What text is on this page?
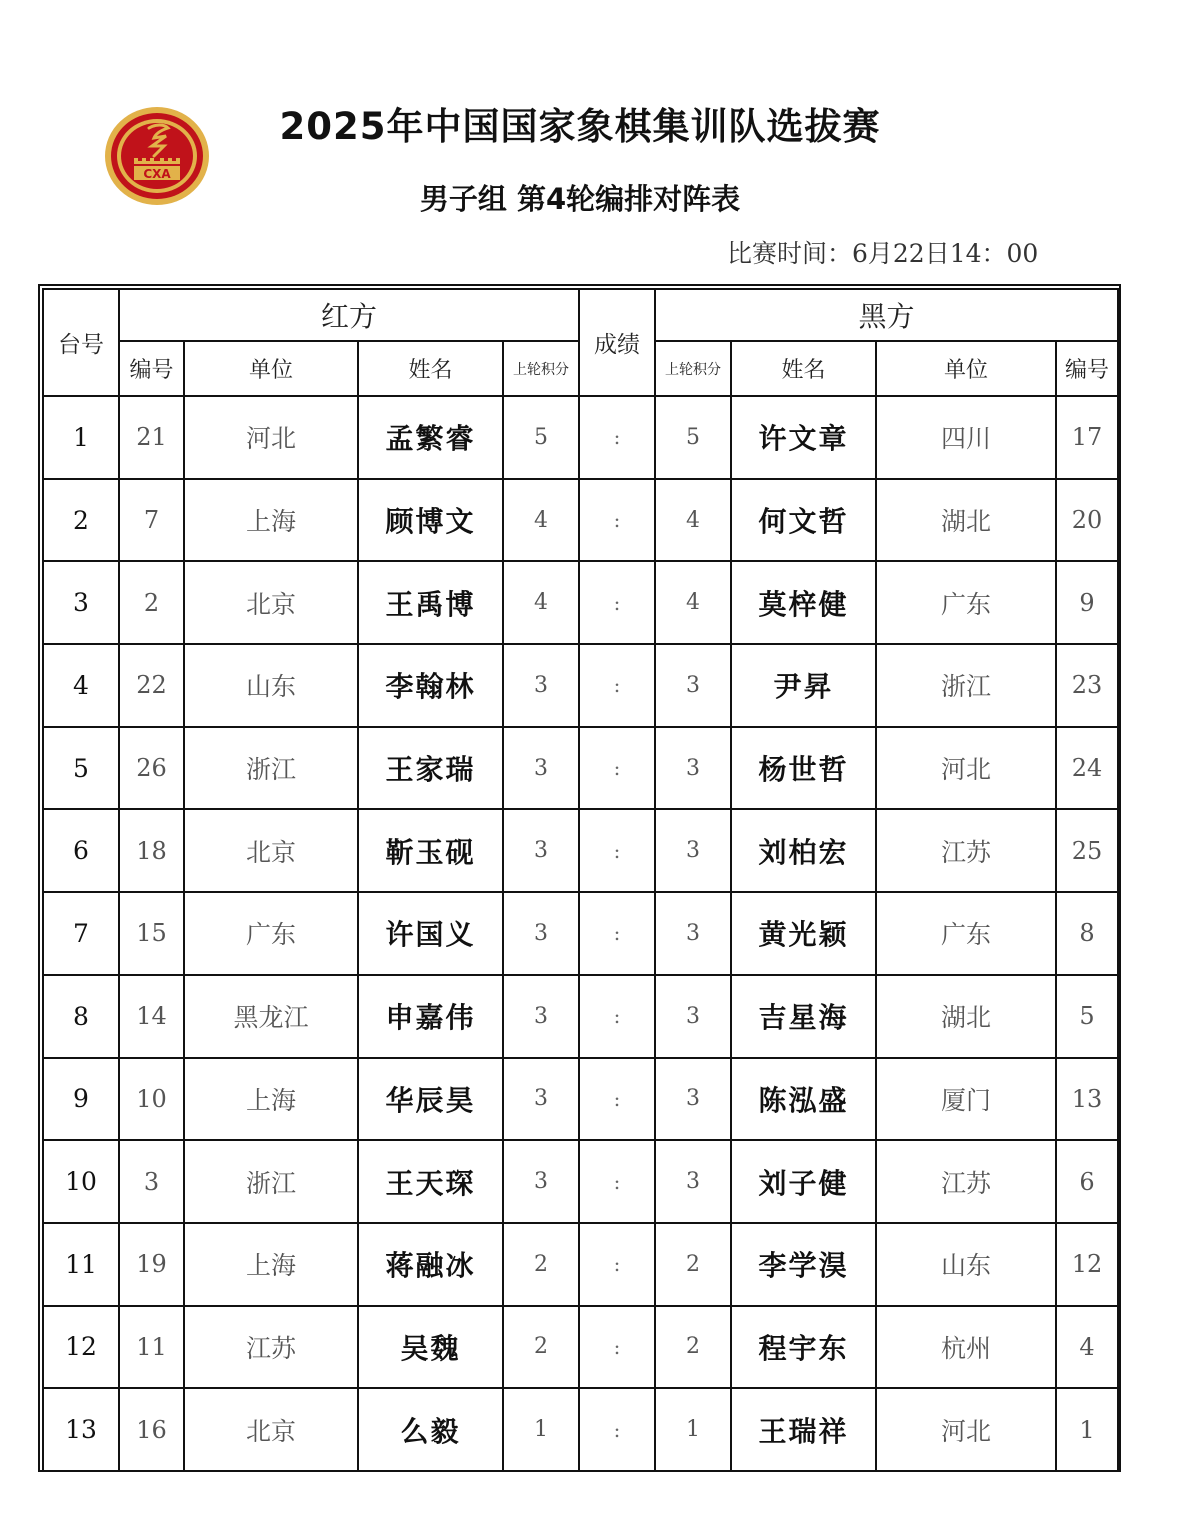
CXA
2025年中国国家象棋集训队选拔赛
男子组 第4轮编排对阵表
比赛时间：6月22日14：00
台号	红方				成绩	黑方			
	编号	单位	姓名	上轮积分		上轮积分	姓名	单位	编号
1	21	河北	孟繁睿	5	:	5	许文章	四川	17
2	7	上海	顾博文	4	:	4	何文哲	湖北	20
3	2	北京	王禹博	4	:	4	莫梓健	广东	9
4	22	山东	李翰林	3	:	3	尹昇	浙江	23
5	26	浙江	王家瑞	3	:	3	杨世哲	河北	24
6	18	北京	靳玉砚	3	:	3	刘柏宏	江苏	25
7	15	广东	许国义	3	:	3	黄光颖	广东	8
8	14	黑龙江	申嘉伟	3	:	3	吉星海	湖北	5
9	10	上海	华辰昊	3	:	3	陈泓盛	厦门	13
10	3	浙江	王天琛	3	:	3	刘子健	江苏	6
11	19	上海	蒋融冰	2	:	2	李学淏	山东	12
12	11	江苏	吴魏	2	:	2	程宇东	杭州	4
13	16	北京	么毅	1	:	1	王瑞祥	河北	1
